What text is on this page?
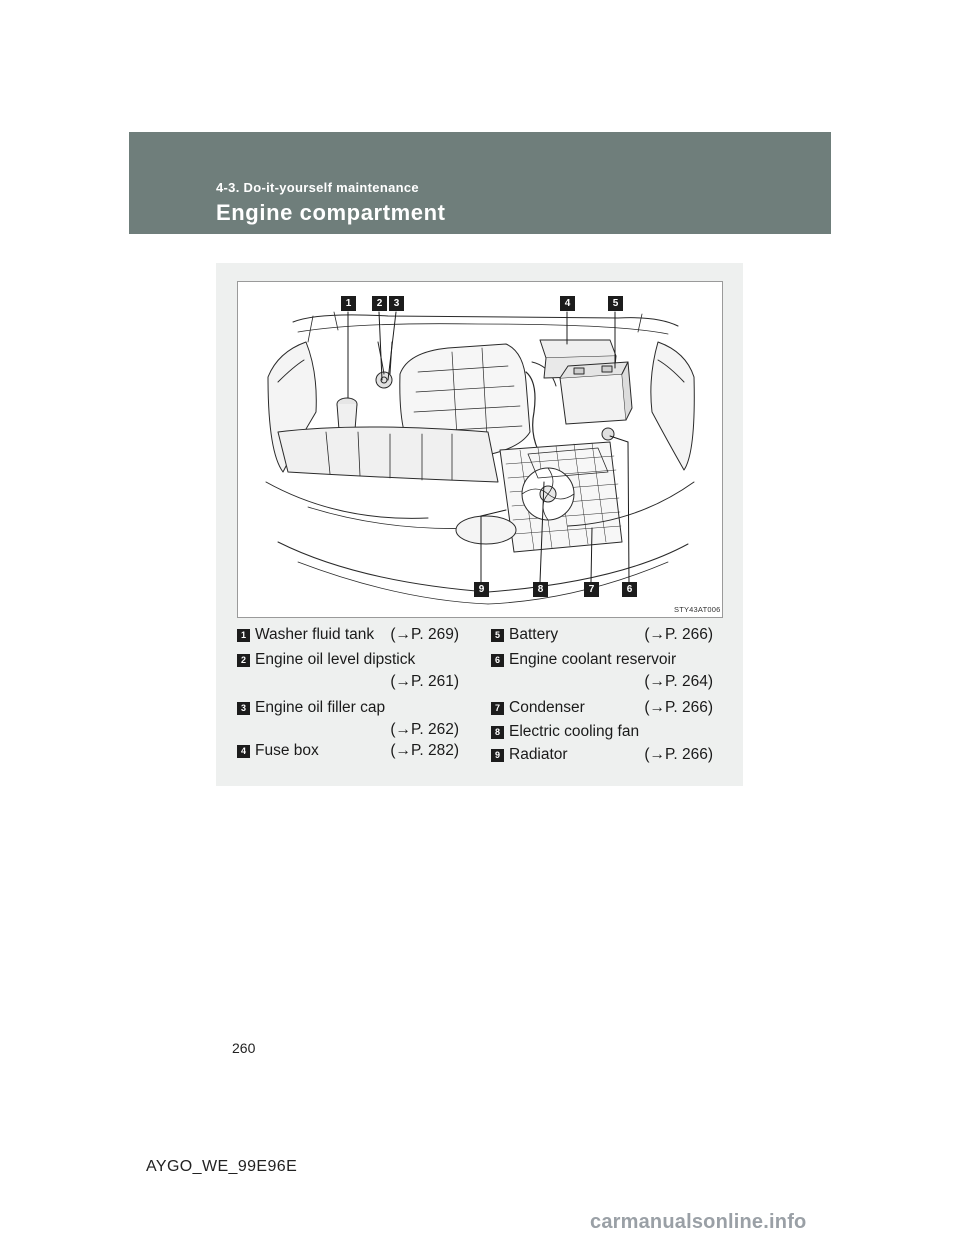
4-3. Do-it-yourself maintenance
Engine compartment
1	2	3	4	5
9	8	7	6
STY43AT006
1 Washer fluid tank (→P. 269)
2 Engine oil level dipstick
(→P. 261)
3 Engine oil filler cap
(→P. 262)
4 Fuse box	(→P. 282)
5 Battery	(→P. 266)
6 Engine coolant reservoir
(→P. 264)
7 Condenser	(→P. 266)
8 Electric cooling fan
9 Radiator	(→P. 266)
260
AYGO_WE_99E96E
carmanualsonline.info
